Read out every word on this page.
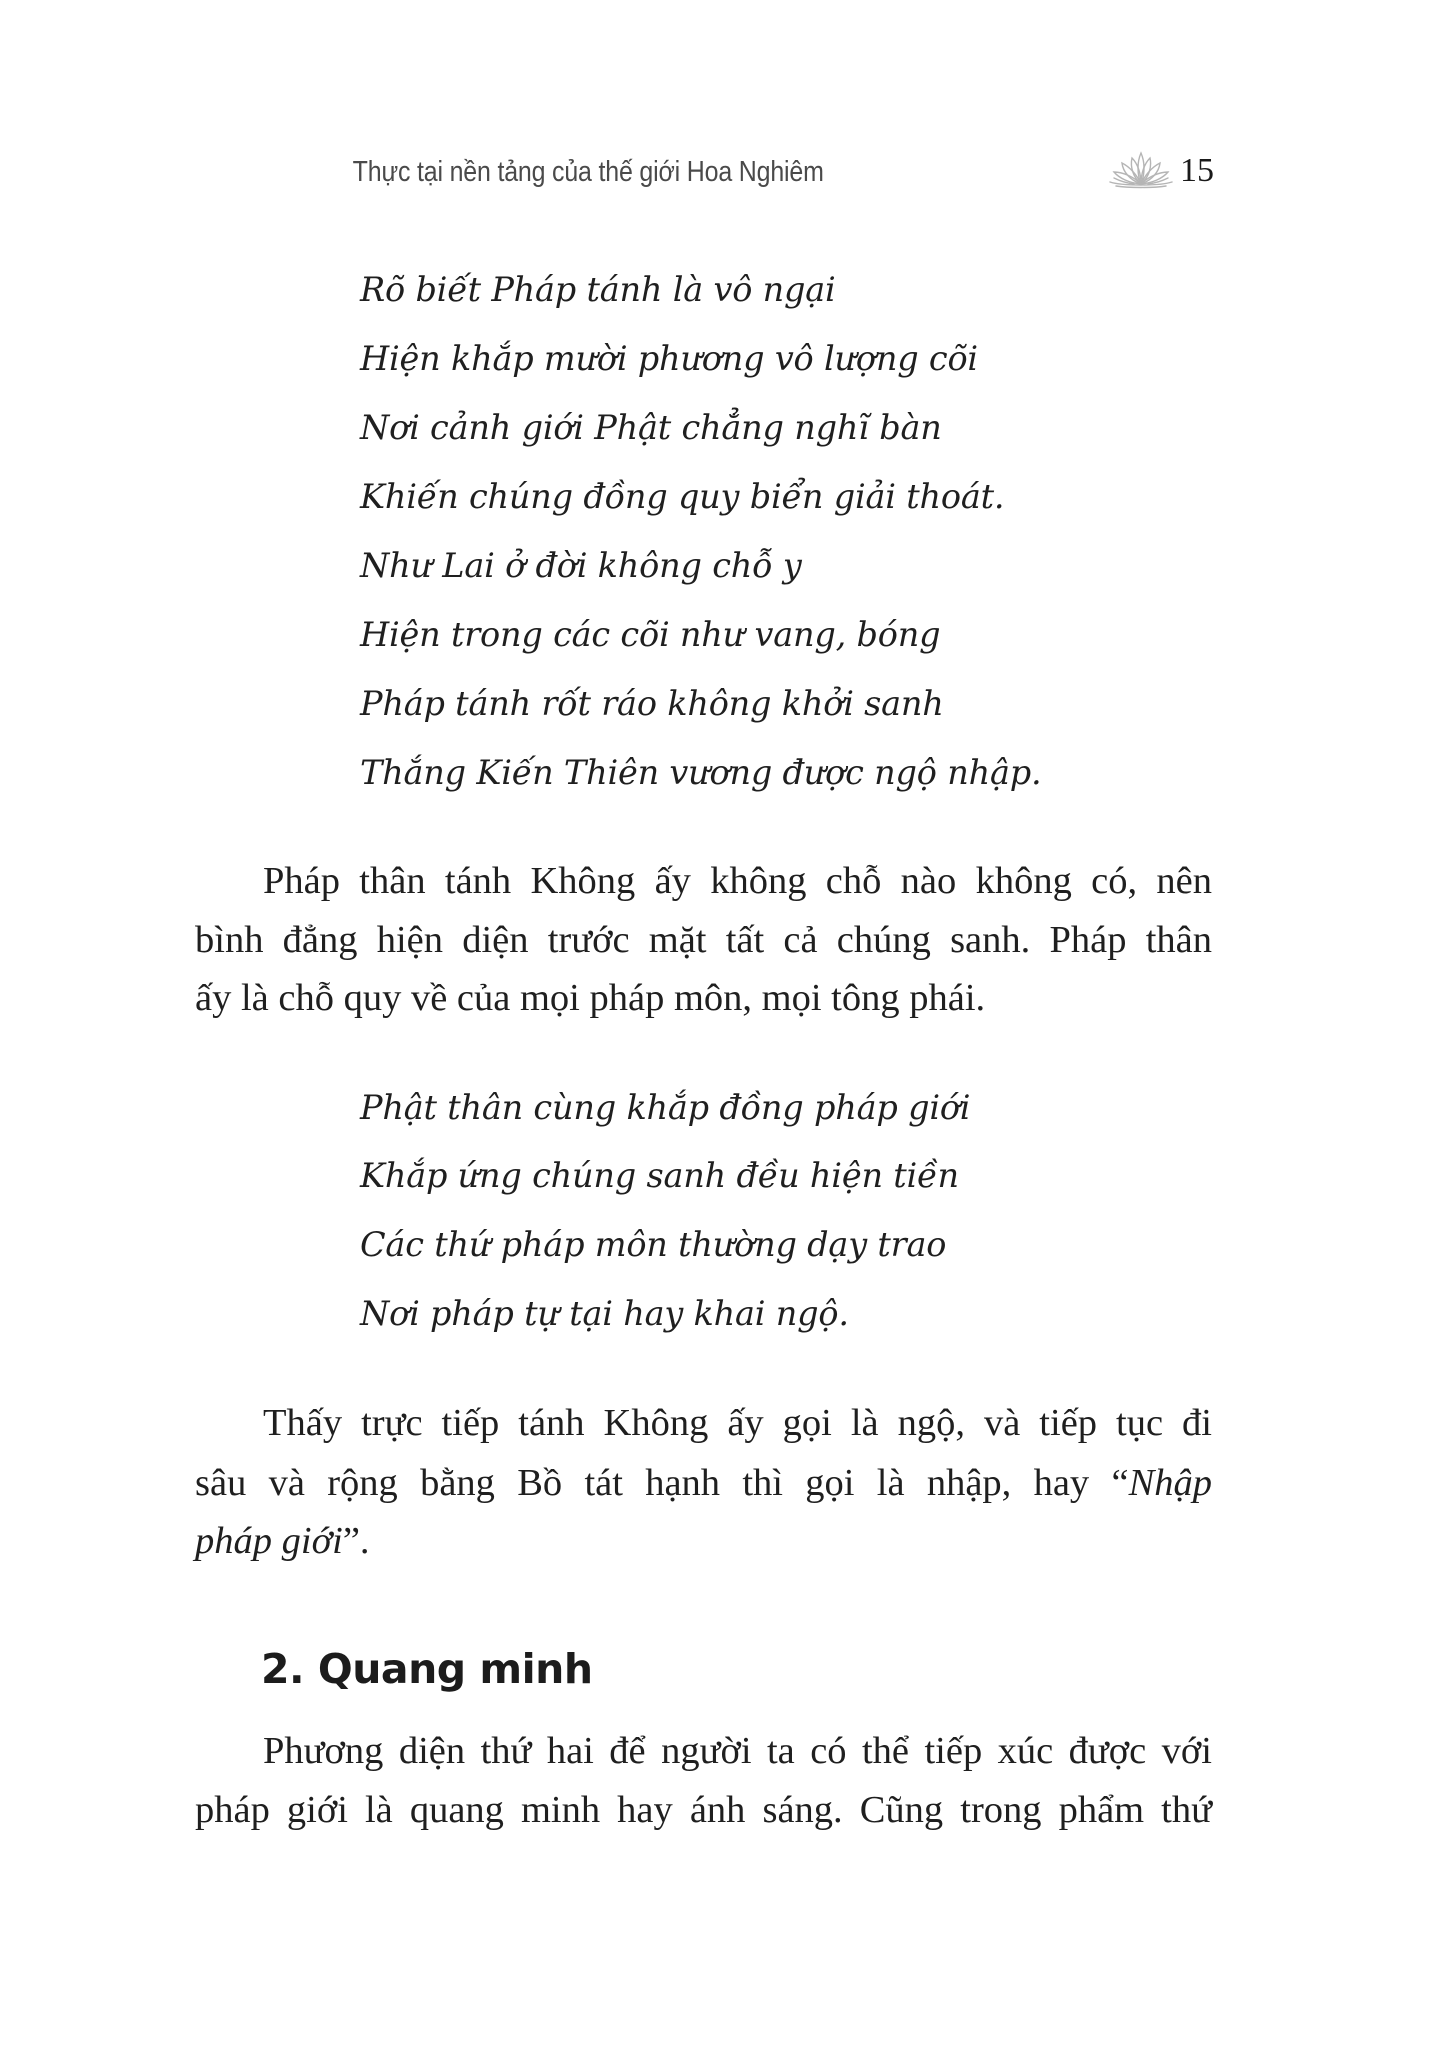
Thực tại nền tảng của thế giới Hoa Nghiêm	15
Rõ biết Pháp tánh là vô ngại
Hiện khắp mười phương vô lượng cõi
Nơi cảnh giới Phật chẳng nghĩ bàn
Khiến chúng đồng quy biển giải thoát.
Như Lai ở đời không chỗ y
Hiện trong các cõi như vang, bóng
Pháp tánh rốt ráo không khởi sanh
Thắng Kiến Thiên vương được ngộ nhập.
Pháp thân tánh Không ấy không chỗ nào không có, nên
bình đẳng hiện diện trước mặt tất cả chúng sanh. Pháp thân
ấy là chỗ quy về của mọi pháp môn, mọi tông phái.
Phật thân cùng khắp đồng pháp giới
Khắp ứng chúng sanh đều hiện tiền
Các thứ pháp môn thường dạy trao
Nơi pháp tự tại hay khai ngộ.
Thấy trực tiếp tánh Không ấy gọi là ngộ, và tiếp tục đi
sâu và rộng bằng Bồ tát hạnh thì gọi là nhập, hay “Nhập
pháp giới”.
2. Quang minh
Phương diện thứ hai để người ta có thể tiếp xúc được với
pháp giới là quang minh hay ánh sáng. Cũng trong phẩm thứ
